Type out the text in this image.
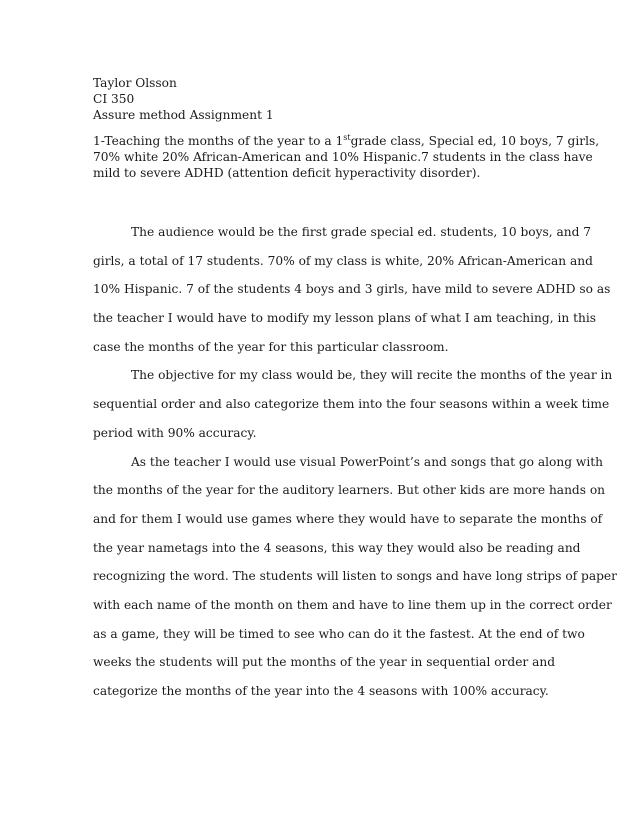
Taylor Olsson
CI 350
Assure method Assignment 1
1-Teaching the months of the year to a 1stgrade class, Special ed, 10 boys, 7 girls,
70% white 20% African-American and 10% Hispanic.7 students in the class have
mild to severe ADHD (attention deficit hyperactivity disorder).
The audience would be the first grade special ed. students, 10 boys, and 7
girls, a total of 17 students. 70% of my class is white, 20% African-American and
10% Hispanic. 7 of the students 4 boys and 3 girls, have mild to severe ADHD so as
the teacher I would have to modify my lesson plans of what I am teaching, in this
case the months of the year for this particular classroom.
The objective for my class would be, they will recite the months of the year in
sequential order and also categorize them into the four seasons within a week time
period with 90% accuracy.
As the teacher I would use visual PowerPoint’s and songs that go along with
the months of the year for the auditory learners. But other kids are more hands on
and for them I would use games where they would have to separate the months of
the year nametags into the 4 seasons, this way they would also be reading and
recognizing the word. The students will listen to songs and have long strips of paper
with each name of the month on them and have to line them up in the correct order
as a game, they will be timed to see who can do it the fastest. At the end of two
weeks the students will put the months of the year in sequential order and
categorize the months of the year into the 4 seasons with 100% accuracy.
